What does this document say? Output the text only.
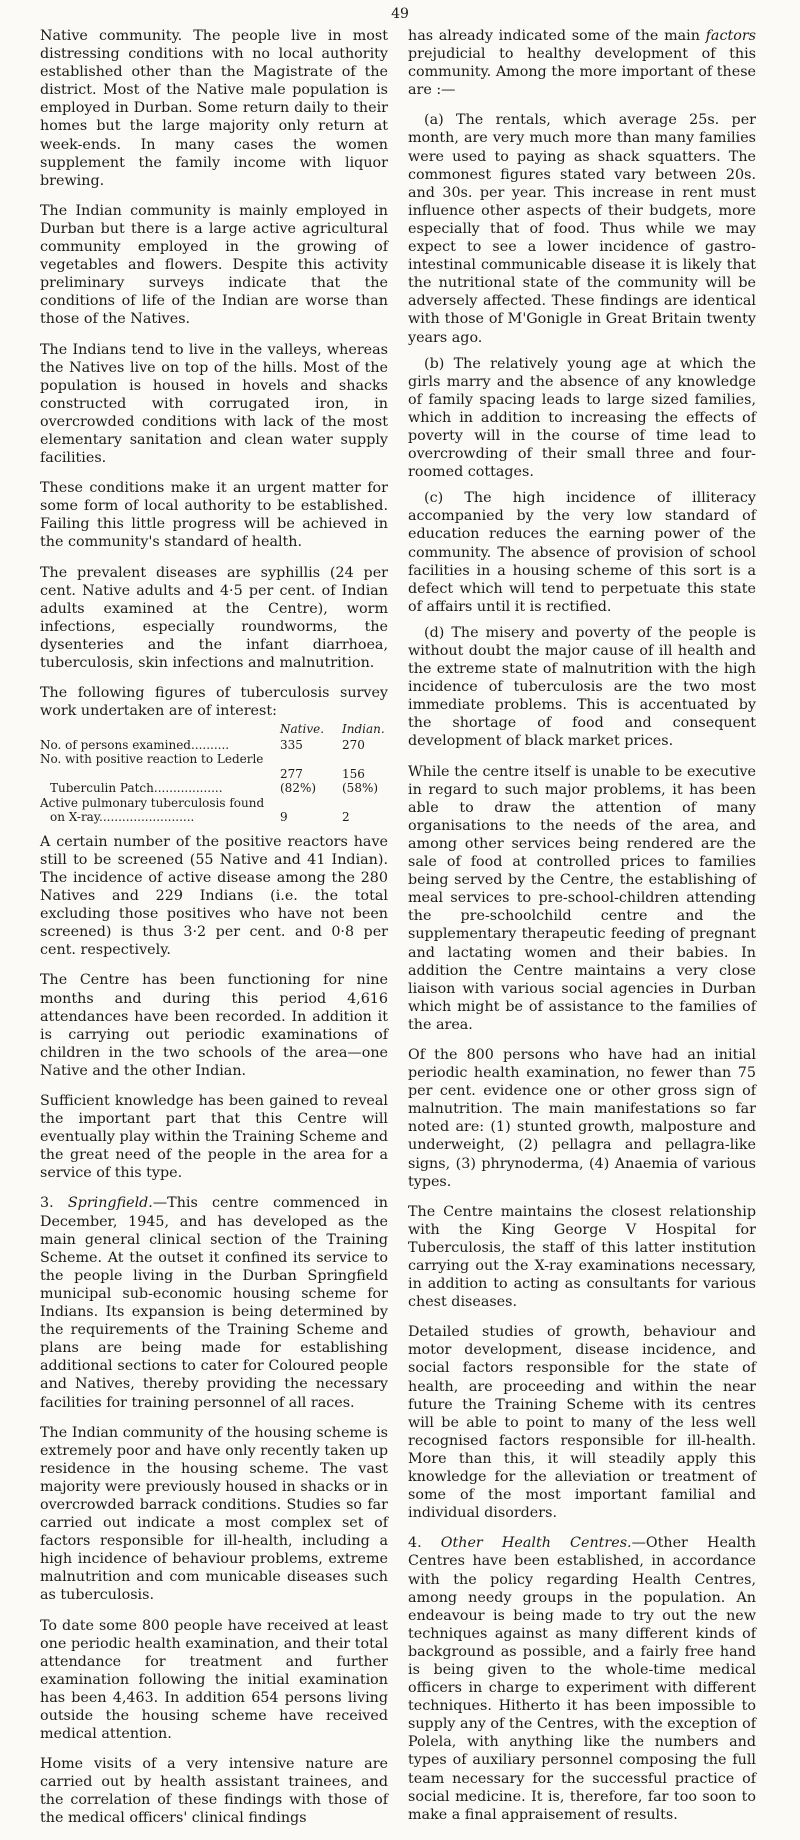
49

Native community. The people live in most distressing conditions with no local authority established other than the Magistrate of the district. Most of the Native male population is employed in Durban. Some return daily to their homes but the large majority only return at week-ends. In many cases the women supplement the family income with liquor brewing.

The Indian community is mainly employed in Durban but there is a large active agricultural community employed in the growing of vegetables and flowers. Despite this activity preliminary surveys indicate that the conditions of life of the Indian are worse than those of the Natives.

The Indians tend to live in the valleys, whereas the Natives live on top of the hills. Most of the population is housed in hovels and shacks constructed with corrugated iron, in overcrowded conditions with lack of the most elementary sanitation and clean water supply facilities.

These conditions make it an urgent matter for some form of local authority to be established. Failing this little progress will be achieved in the community's standard of health.

The prevalent diseases are syphillis (24 per cent. Native adults and 4·5 per cent. of Indian adults examined at the Centre), worm infections, especially roundworms, the dysenteries and the infant diarrhoea, tuberculosis, skin infections and malnutrition.

The following figures of tuberculosis survey work undertaken are of interest:

	Native.	Indian.
No. of persons examined..........	335	270
No. with positive reaction to Lederle		
Tuberculin Patch..................	277 (82%)	156 (58%)
Active pulmonary tuberculosis found		
on X-ray.........................	9	2

A certain number of the positive reactors have still to be screened (55 Native and 41 Indian). The incidence of active disease among the 280 Natives and 229 Indians (i.e. the total excluding those positives who have not been screened) is thus 3·2 per cent. and 0·8 per cent. respectively.

The Centre has been functioning for nine months and during this period 4,616 attendances have been recorded. In addition it is carrying out periodic examinations of children in the two schools of the area—one Native and the other Indian.

Sufficient knowledge has been gained to reveal the important part that this Centre will eventually play within the Training Scheme and the great need of the people in the area for a service of this type.

3. Springfield.—This centre commenced in December, 1945, and has developed as the main general clinical section of the Training Scheme. At the outset it confined its service to the people living in the Durban Springfield municipal sub-economic housing scheme for Indians. Its expansion is being determined by the requirements of the Training Scheme and plans are being made for establishing additional sections to cater for Coloured people and Natives, thereby providing the necessary facilities for training personnel of all races.

The Indian community of the housing scheme is extremely poor and have only recently taken up residence in the housing scheme. The vast majority were previously housed in shacks or in overcrowded barrack conditions. Studies so far carried out indicate a most complex set of factors responsible for ill-health, including a high incidence of behaviour problems, extreme malnutrition and com municable diseases such as tuberculosis.

To date some 800 people have received at least one periodic health examination, and their total attendance for treatment and further examination following the initial examination has been 4,463. In addition 654 persons living outside the housing scheme have received medical attention.

Home visits of a very intensive nature are carried out by health assistant trainees, and the correlation of these findings with those of the medical officers' clinical findings

has already indicated some of the main factors prejudicial to healthy development of this community. Among the more important of these are :—

(a) The rentals, which average 25s. per month, are very much more than many families were used to paying as shack squatters. The commonest figures stated vary between 20s. and 30s. per year. This increase in rent must influence other aspects of their budgets, more especially that of food. Thus while we may expect to see a lower incidence of gastro-intestinal communicable disease it is likely that the nutritional state of the community will be adversely affected. These findings are identical with those of M'Gonigle in Great Britain twenty years ago.

(b) The relatively young age at which the girls marry and the absence of any knowledge of family spacing leads to large sized families, which in addition to increasing the effects of poverty will in the course of time lead to overcrowding of their small three and four-roomed cottages.

(c) The high incidence of illiteracy accompanied by the very low standard of education reduces the earning power of the community. The absence of provision of school facilities in a housing scheme of this sort is a defect which will tend to perpetuate this state of affairs until it is rectified.

(d) The misery and poverty of the people is without doubt the major cause of ill health and the extreme state of malnutrition with the high incidence of tuberculosis are the two most immediate problems. This is accentuated by the shortage of food and consequent development of black market prices.

While the centre itself is unable to be executive in regard to such major problems, it has been able to draw the attention of many organisations to the needs of the area, and among other services being rendered are the sale of food at controlled prices to families being served by the Centre, the establishing of meal services to pre-school-children attending the pre-schoolchild centre and the supplementary therapeutic feeding of pregnant and lactating women and their babies. In addition the Centre maintains a very close liaison with various social agencies in Durban which might be of assistance to the families of the area.

Of the 800 persons who have had an initial periodic health examination, no fewer than 75 per cent. evidence one or other gross sign of malnutrition. The main manifestations so far noted are: (1) stunted growth, malposture and underweight, (2) pellagra and pellagra-like signs, (3) phrynoderma, (4) Anaemia of various types.

The Centre maintains the closest relationship with the King George V Hospital for Tuberculosis, the staff of this latter institution carrying out the X-ray examinations necessary, in addition to acting as consultants for various chest diseases.

Detailed studies of growth, behaviour and motor development, disease incidence, and social factors responsible for the state of health, are proceeding and within the near future the Training Scheme with its centres will be able to point to many of the less well recognised factors responsible for ill-health. More than this, it will steadily apply this knowledge for the alleviation or treatment of some of the most important familial and individual disorders.

4. Other Health Centres.—Other Health Centres have been established, in accordance with the policy regarding Health Centres, among needy groups in the population. An endeavour is being made to try out the new techniques against as many different kinds of background as possible, and a fairly free hand is being given to the whole-time medical officers in charge to experiment with different techniques. Hitherto it has been impossible to supply any of the Centres, with the exception of Polela, with anything like the numbers and types of auxiliary personnel composing the full team necessary for the successful practice of social medicine. It is, therefore, far too soon to make a final appraisement of results.
